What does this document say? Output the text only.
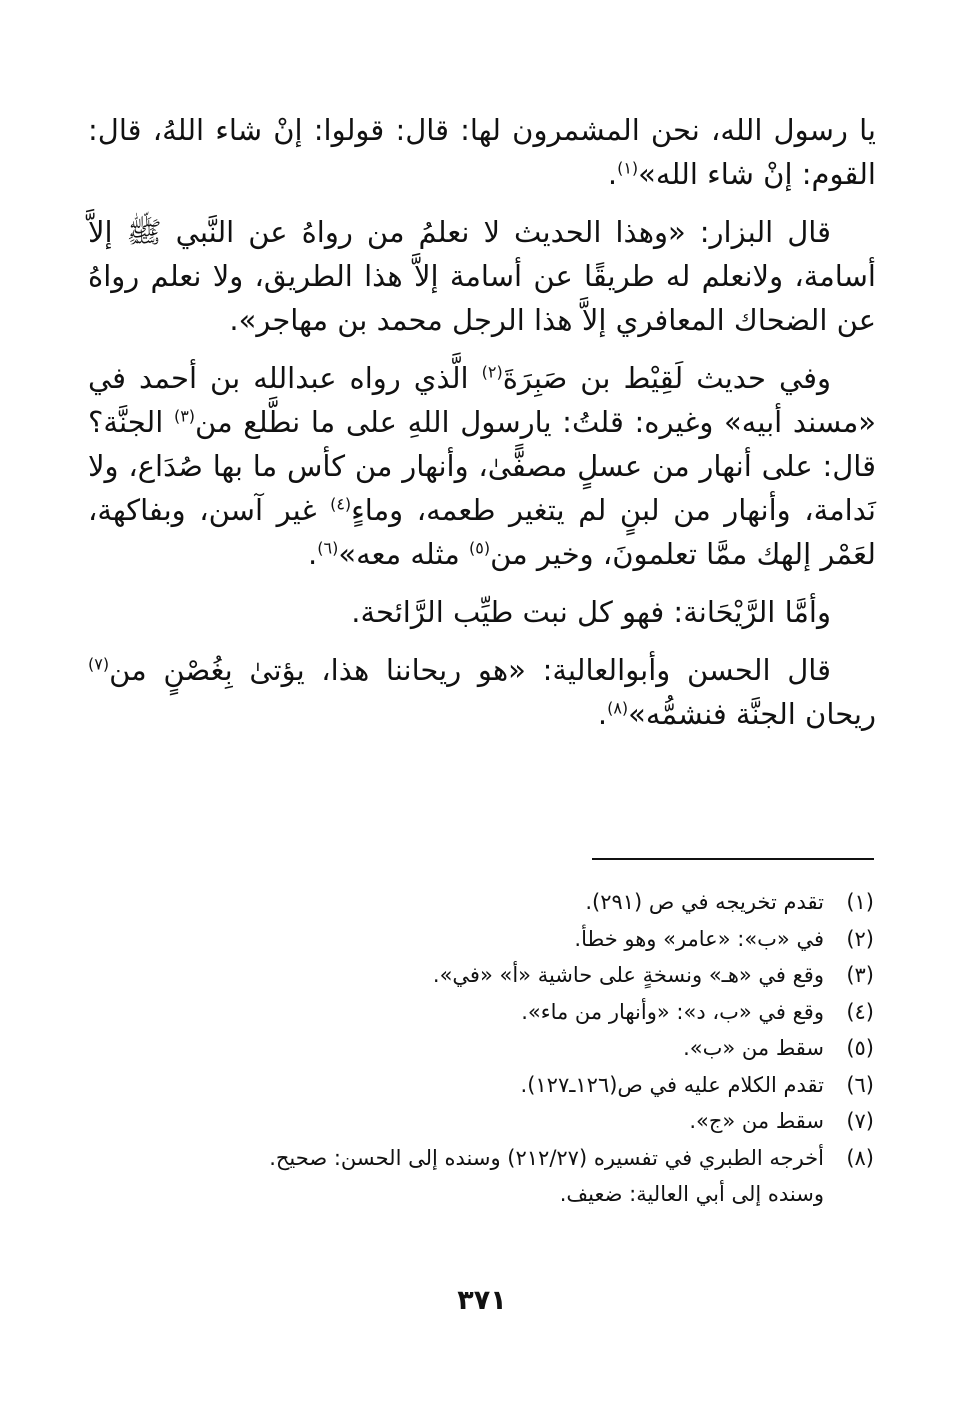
يا رسول الله، نحن المشمرون لها: قال: قولوا: إنْ شاء اللهُ، قال: القوم: إنْ شاء الله»$^{(١)}$.

قال البزار: «وهذا الحديث لا نعلمُ من رواهُ عن النَّبي ﷺ إلاَّ أسامة، ولانعلم له طريقًا عن أسامة إلاَّ هذا الطريق، ولا نعلم رواهُ عن الضحاك المعافري إلاَّ هذا الرجل محمد بن مهاجر».

وفي حديث لَقِيْط بن صَبِرَةَ$^{(٢)}$ الَّذي رواه عبدالله بن أحمد في «مسند أبيه» وغيره: قلتُ: يارسول اللهِ على ما نطَّلع من$^{(٣)}$ الجنَّة؟ قال: على أنهار من عسلٍ مصفًّىٰ، وأنهار من كأس ما بها صُدَاع، ولا نَدامة، وأنهار من لبنٍ لم يتغير طعمه، وماءٍ$^{(٤)}$ غير آسن، وبفاكهة، لعَمْر إلهك ممَّا تعلمونَ، وخير من$^{(٥)}$ مثله معه»$^{(٦)}$.

وأمَّا الرَّيْحَانة: فهو كل نبت طيِّب الرَّائحة.

قال الحسن وأبوالعالية: «هو ريحاننا هذا، يؤتىٰ بِغُصْنٍ من$^{(٧)}$ ريحان الجنَّة فنشمُّه»$^{(٨)}$.

(١)
تقدم تخريجه في ص (٢٩١).
(٢)
في «ب»: «عامر» وهو خطأ.
(٣)
وقع في «هـ» ونسخةٍ على حاشية «أ» «في».
(٤)
وقع في «ب، د»: «وأنهار من ماء».
(٥)
سقط من «ب».
(٦)
تقدم الكلام عليه في ص(١٢٦ـ١٢٧).
(٧)
سقط من «ج».
(٨)
أخرجه الطبري في تفسيره (٢١٢/٢٧) وسنده إلى الحسن: صحيح.
وسنده إلى أبي العالية: ضعيف.
٣٧١
